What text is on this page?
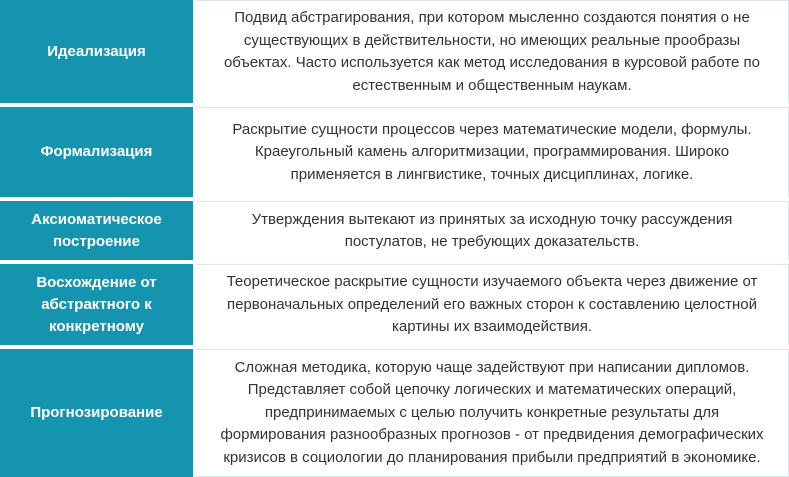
Идеализация
Подвид абстрагирования, при котором мысленно создаются понятия о не существующих в действительности, но имеющих реальные прообразы объектах. Часто используется как метод исследования в курсовой работе по естественным и общественным наукам.
Формализация
Раскрытие сущности процессов через математические модели, формулы. Краеугольный камень алгоритмизации, программирования. Широко применяется в лингвистике, точных дисциплинах, логике.
Аксиоматическое построение
Утверждения вытекают из принятых за исходную точку рассуждения постулатов, не требующих доказательств.
Восхождение от абстрактного к конкретному
Теоретическое раскрытие сущности изучаемого объекта через движение от первоначальных определений его важных сторон к составлению целостной картины их взаимодействия.
Прогнозирование
Сложная методика, которую чаще задействуют при написании дипломов. Представляет собой цепочку логических и математических операций, предпринимаемых с целью получить конкретные результаты для формирования разнообразных прогнозов - от предвидения демографических кризисов в социологии до планирования прибыли предприятий в экономике.
